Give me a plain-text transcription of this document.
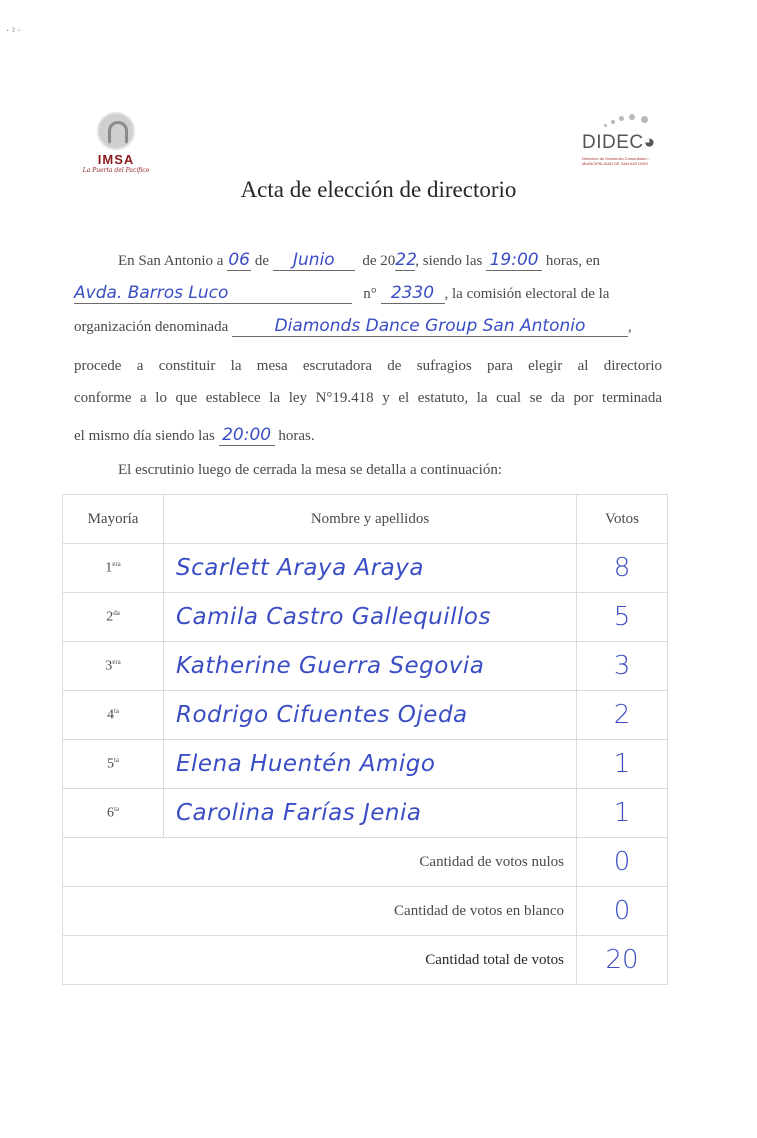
· ² ·
IMSA
La Puerta del Pacífico
DIDEC◕
Dirección de Desarrollo Comunitario I. MUNICIPALIDAD DE SAN ANTONIO
Acta de elección de directorio
En San Antonio a 06 de Junio de 2022, siendo las 19:00 horas, en
Avda. Barros Luco	n° 2330 , la comisión electoral de la
organización denominada	Diamonds Dance Group San Antonio	,
procede a constituir la mesa escrutadora de sufragios para elegir al directorio
conforme a lo que establece la ley N°19.418 y el estatuto, la cual se da por terminada
el mismo día siendo las 20:00 horas.
El escrutinio luego de cerrada la mesa se detalla a continuación:
Mayoría	Nombre y apellidos	Votos
$1^{era}$	Scarlett Araya Araya	8
$2^{da}$	Camila Castro Gallequillos	5
$3^{era}$	Katherine Guerra Segovia	3
$4^{ta}$	Rodrigo Cifuentes Ojeda	2
$5^{ta}$	Elena Huentén Amigo	1
$6^{ta}$	Carolina Farías Jenia	1
Cantidad de votos nulos		0
Cantidad de votos en blanco		0
Cantidad total de votos		20
